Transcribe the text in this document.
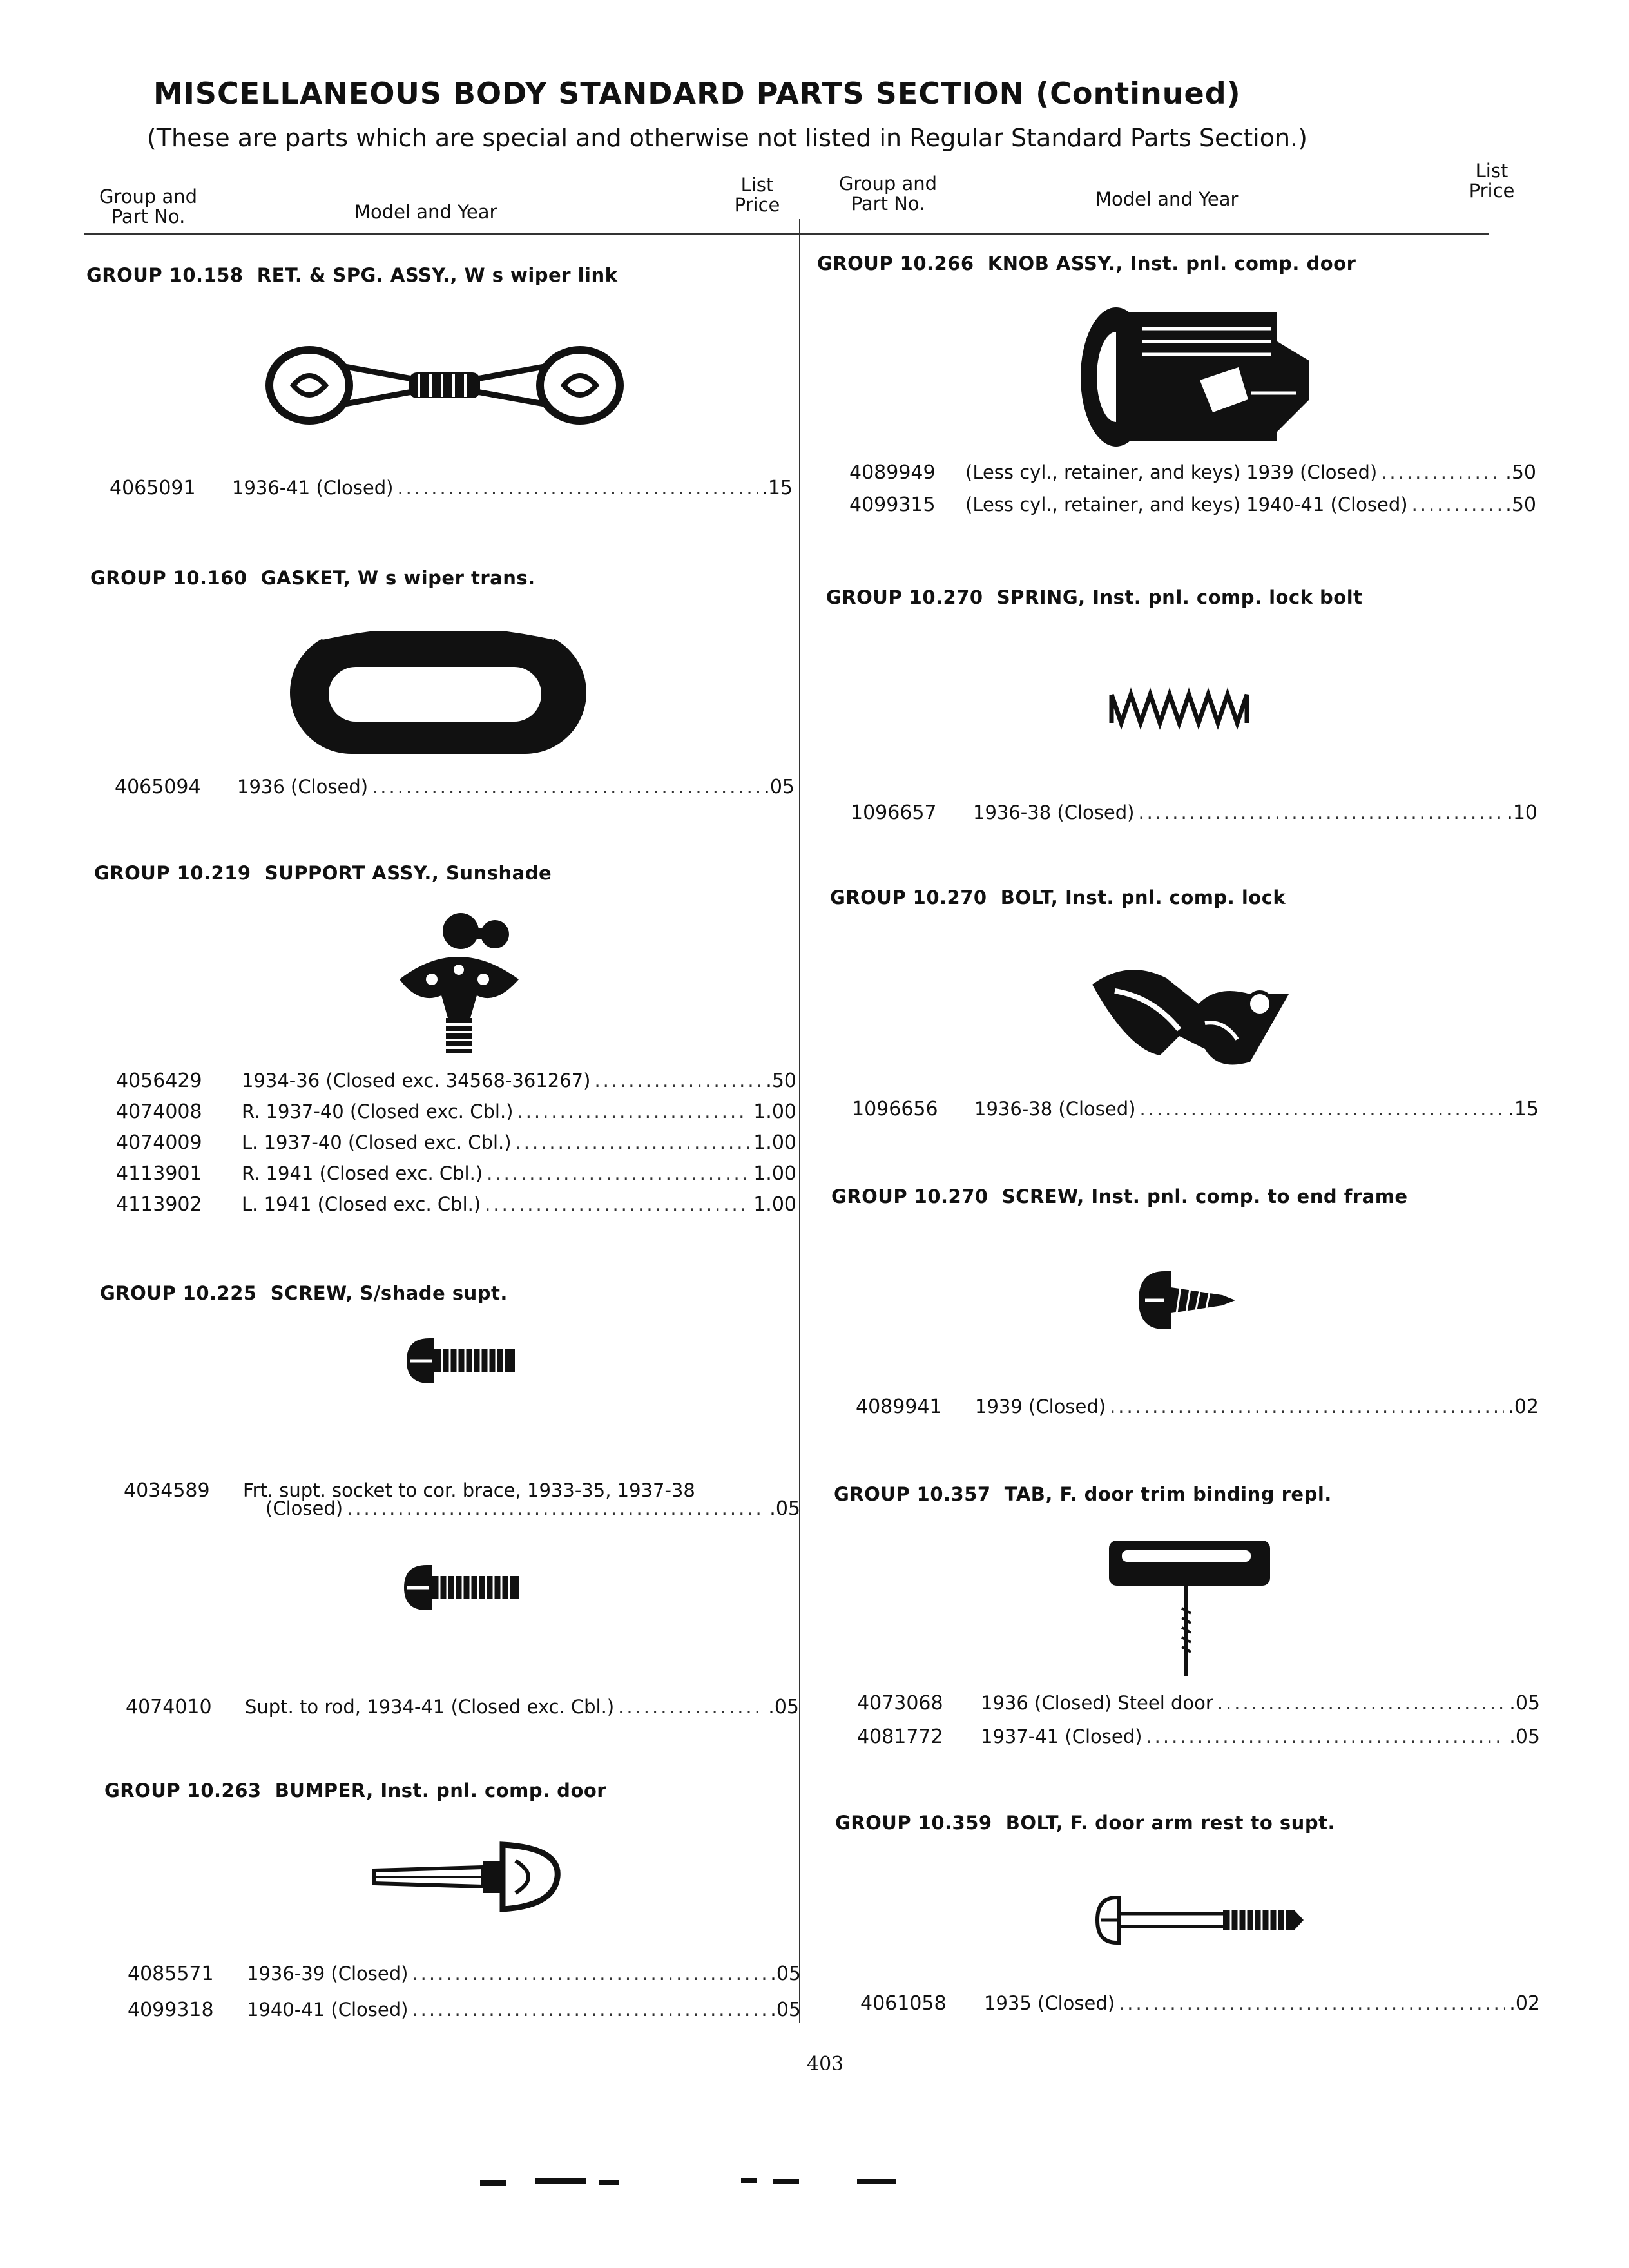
MISCELLANEOUS BODY STANDARD PARTS SECTION (Continued)
(These are parts which are special and otherwise not listed in Regular Standard Parts Section.)
Group and
Part No.	Model and Year
List
Price
Group and
Part No.	Model and Year
List
Price
GROUP 10.158 RET. & SPG. ASSY., W s wiper link
4065091	1936-41 (Closed) .....	.15
GROUP 10.160 GASKET, W s wiper trans.
4065094	1936 (Closed) .....	.05
GROUP 10.219 SUPPORT ASSY., Sunshade
4056429	1934-36 (Closed exc. 34568-361267) .....	.50
4074008	R. 1937-40 (Closed exc. Cbl.) .....	1.00
4074009	L. 1937-40 (Closed exc. Cbl.) .....	1.00
4113901	R. 1941 (Closed exc. Cbl.) .....	1.00
4113902	L. 1941 (Closed exc. Cbl.) .....	1.00
GROUP 10.225 SCREW, S/shade supt.
4034589	Frt. supt. socket to cor. brace, 1933-35, 1937-38
(Closed) .....	.05
4074010	Supt. to rod, 1934-41 (Closed exc. Cbl.) .....	.05
GROUP 10.263 BUMPER, Inst. pnl. comp. door
4085571	1936-39 (Closed) .....	.05
4099318	1940-41 (Closed) .....	.05
GROUP 10.266 KNOB ASSY., Inst. pnl. comp. door
4089949	(Less cyl., retainer, and keys) 1939 (Closed) .....	.50
4099315	(Less cyl., retainer, and keys) 1940-41 (Closed) .....	.50
GROUP 10.270 SPRING, Inst. pnl. comp. lock bolt
1096657	1936-38 (Closed) .....	.10
GROUP 10.270 BOLT, Inst. pnl. comp. lock
1096656	1936-38 (Closed) .....	.15
GROUP 10.270 SCREW, Inst. pnl. comp. to end frame
4089941	1939 (Closed) .....	.02
GROUP 10.357 TAB, F. door trim binding repl.
4073068	1936 (Closed) Steel door .....	.05
4081772	1937-41 (Closed) .....	.05
GROUP 10.359 BOLT, F. door arm rest to supt.
4061058	1935 (Closed) .....	.02
403
